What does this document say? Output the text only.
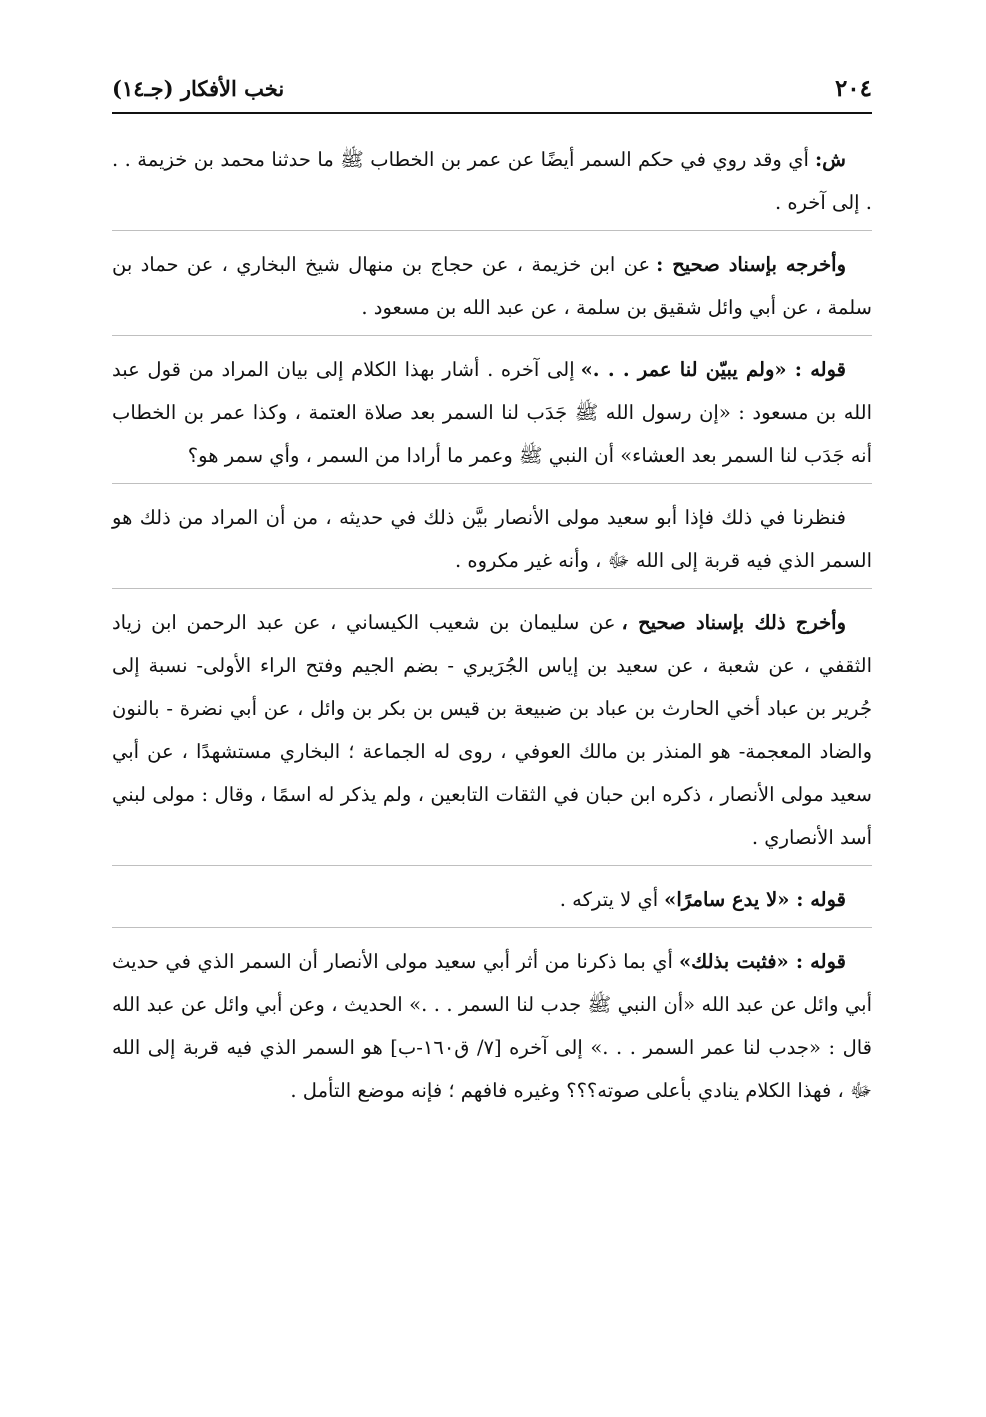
٢٠٤
نخب الأفكار (جـ١٤)

ش:أي وقد روي في حكم السمر أيضًا عن عمر بن الخطاب ﷺ ما حدثنا محمد بن خزيمة . . . إلى آخره .

وأخرجه بإسناد صحيح :عن ابن خزيمة ، عن حجاج بن منهال شيخ البخاري ، عن حماد بن سلمة ، عن أبي وائل شقيق بن سلمة ، عن عبد الله بن مسعود .

قوله : «ولم يبيّن لنا عمر . . .»إلى آخره . أشار بهذا الكلام إلى بيان المراد من قول عبد الله بن مسعود : «إن رسول الله ﷺ جَدَب لنا السمر بعد صلاة العتمة ، وكذا عمر بن الخطاب أنه جَدَب لنا السمر بعد العشاء» أن النبي ﷺ وعمر ما أرادا من السمر ، وأي سمر هو؟

فنظرنا في ذلك فإذا أبو سعيد مولى الأنصار بيَّن ذلك في حديثه ، من أن المراد من ذلك هو السمر الذي فيه قربة إلى الله ﷻ ، وأنه غير مكروه .

وأخرج ذلك بإسناد صحيح ،عن سليمان بن شعيب الكيساني ، عن عبد الرحمن ابن زياد الثقفي ، عن شعبة ، عن سعيد بن إياس الجُرَيري - بضم الجيم وفتح الراء الأولى- نسبة إلى جُرير بن عباد أخي الحارث بن عباد بن ضبيعة بن قيس بن بكر بن وائل ، عن أبي نضرة - بالنون والضاد المعجمة- هو المنذر بن مالك العوفي ، روى له الجماعة ؛ البخاري مستشهدًا ، عن أبي سعيد مولى الأنصار ، ذكره ابن حبان في الثقات التابعين ، ولم يذكر له اسمًا ، وقال : مولى لبني أسد الأنصاري .

قوله : «لا يدع سامرًا»أي لا يتركه .

قوله : «فثبت بذلك»أي بما ذكرنا من أثر أبي سعيد مولى الأنصار أن السمر الذي في حديث أبي وائل عن عبد الله «أن النبي ﷺ جدب لنا السمر . . .» الحديث ، وعن أبي وائل عن عبد الله قال : «جدب لنا عمر السمر . . .» إلى آخره [٧/ ق١٦٠-ب] هو السمر الذي فيه قربة إلى الله ﷻ ، فهذا الكلام ينادي بأعلى صوته؟؟؟ وغيره فافهم ؛ فإنه موضع التأمل .
